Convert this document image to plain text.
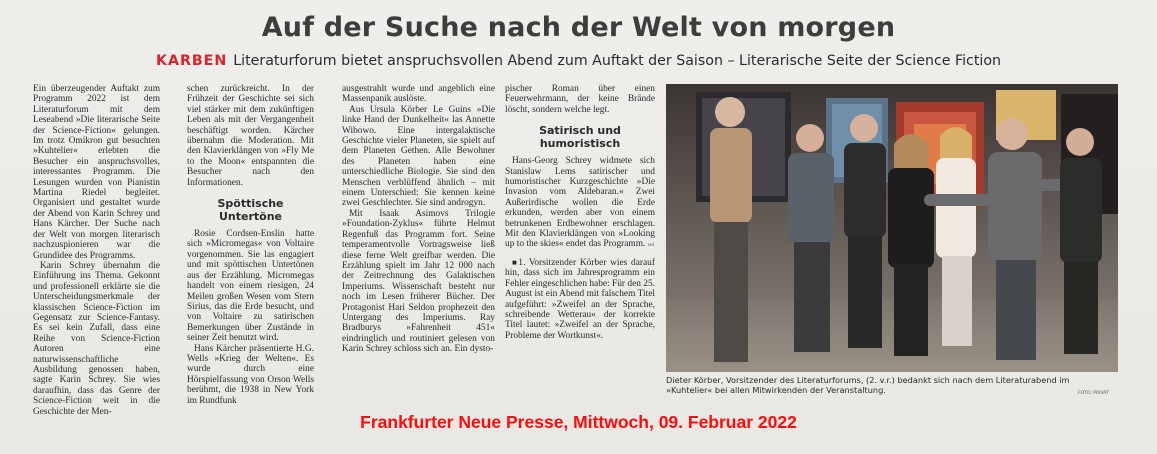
Auf der Suche nach der Welt von morgen
KARBEN Literaturforum bietet anspruchsvollen Abend zum Auftakt der Saison – Literarische Seite der Science Fiction

Ein überzeugender Auftakt zum Programm 2022 ist dem Literaturforum mit dem Leseabend »Die literarische Seite der Science-Fiction« gelungen. Im trotz Omikron gut besuchten »Kuhtelier« erlebten die Besucher ein anspruchsvolles, interessantes Programm. Die Lesungen wurden von Pianistin Martina Riedel begleitet. Organisiert und gestaltet wurde der Abend von Karin Schrey und Hans Kärcher. Der Suche nach der Welt von morgen literarisch nachzuspionieren war die Grundidee des Programms.

Karin Schrey übernahm die Einführung ins Thema. Gekonnt und professionell erklärte sie die Unterscheidungsmerkmale der klassischen Science-Fiction im Gegensatz zur Science-Fantasy. Es sei kein Zufall, dass eine Reihe von Science-Fiction Autoren eine naturwissenschaftliche Ausbildung genossen haben, sagte Karin Schrey. Sie wies daraufhin, dass das Genre der Science-Fiction weit in die Geschichte der Men-

schen zurückreicht. In der Frühzeit der Geschichte sei sich viel stärker mit dem zukünftigen Leben als mit der Vergangenheit beschäftigt worden. Kärcher übernahm die Moderation. Mit den Klavierklängen von »Fly Me to the Moon« entspannten die Besucher nach den Informationen.

Spöttische Untertöne

Rosie Cordsen-Enslin hatte sich »Micromegas« von Voltaire vorgenommen. Sie las engagiert und mit spöttischen Untertönen aus der Erzählung. Micromegas handelt von einem riesigen, 24 Meilen großen Wesen vom Stern Sirius, das die Erde besucht, und von Voltaire zu satirischen Bemerkungen über Zustände in seiner Zeit benutzt wird.

Hans Kärcher präsentierte H.G. Wells »Krieg der Welten«. Es wurde durch eine Hörspielfassung von Orson Wells berühmt, die 1938 in New York im Rundfunk

ausgestrahlt wurde und angeblich eine Massenpanik auslöste.

Aus Ursula Körber Le Guins »Die linke Hand der Dunkelheit« las Annette Wibowo. Eine intergalaktische Geschichte vieler Planeten, sie spielt auf dem Planeten Gethen. Alle Bewohner des Planeten haben eine unterschiedliche Biologie. Sie sind den Menschen verblüffend ähnlich – mit einem Unterschied: Sie kennen keine zwei Geschlechter. Sie sind androgyn.

Mit Isaak Asimovs Trilogie »Foundation-Zyklus« führte Helmut Regenfuß das Programm fort. Seine temperamentvolle Vortragsweise ließ diese ferne Welt greifbar werden. Die Erzählung spielt im Jahr 12 000 nach der Zeitrechnung des Galaktischen Imperiums. Wissenschaft besteht nur noch im Lesen früherer Bücher. Der Protagonist Hari Seldon prophezeit den Untergang des Imperiums. Ray Bradburys »Fahrenheit 451« eindringlich und routiniert gelesen von Karin Schrey schloss sich an. Ein dysto-

pischer Roman über einen Feuerwehrmann, der keine Brände löscht, sondern welche legt.

Satirisch und humoristisch

Hans-Georg Schrey widmete sich Stanislaw Lems satirischer und humoristischer Kurzgeschichte »Die Invasion vom Aldebaran.« Zwei Außerirdische wollen die Erde erkunden, werden aber von einem betrunkenen Erdbewohner erschlagen. Mit den Klavierklängen von »Looking up to the skies« endet das Programm. red

■1. Vorsitzender Körber wies darauf hin, dass sich im Jahresprogramm ein Fehler eingeschlichen habe: Für den 25. August ist ein Abend mit falschem Titel aufgeführt: »Zweifel an der Sprache, schreibende Wetterau« der korrekte Titel lautet: »Zweifel an der Sprache, Probleme der Wortkunst«.

Dieter Körber, Vorsitzender des Literaturforums, (2. v.r.) bedankt sich nach dem Literaturabend im »Kuhtelier« bei allen Mitwirkenden der Veranstaltung.	FOTO: PRIVAT
Frankfurter Neue Presse, Mittwoch, 09. Februar 2022
